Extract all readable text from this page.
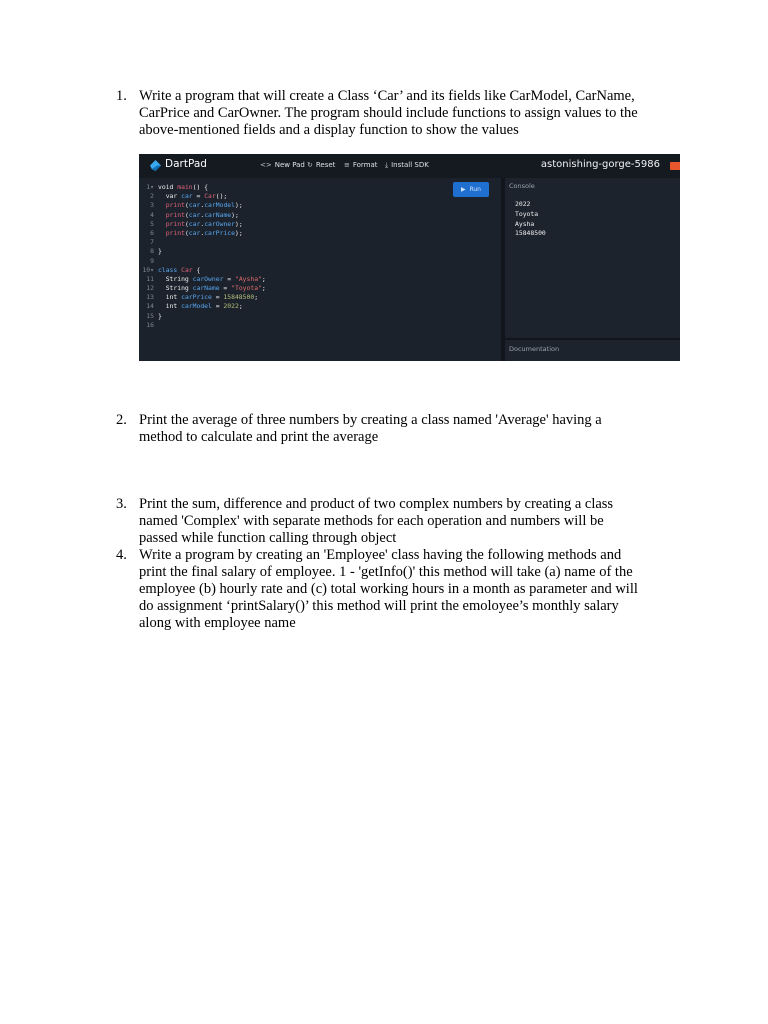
1. Write a program that will create a Class ‘Car’ and its fields like CarModel, CarName,
CarPrice and CarOwner. The program should include functions to assign values to the
above-mentioned fields and a display function to show the values
DartPad	<> New Pad ↻ Reset ≡ Format ⤓ Install SDK	astonishing-gorge-5986
▶ Run
1▾ void main() {
2 var car = Car();
3 print(car.carModel);
4 print(car.carName);
5 print(car.carOwner);
6 print(car.carPrice);
7
8 }
9
10▾ class Car {
11 String carOwner = "Aysha";
12 String carName = "Toyota";
13 int carPrice = 15848500;
14 int carModel = 2022;
15 }
16
Console
2022
Toyota
Aysha
15848500
Documentation
2. Print the average of three numbers by creating a class named 'Average' having a
method to calculate and print the average
3. Print the sum, difference and product of two complex numbers by creating a class
named 'Complex' with separate methods for each operation and numbers will be
passed while function calling through object
4. Write a program by creating an 'Employee' class having the following methods and
print the final salary of employee. 1 - 'getInfo()' this method will take (a) name of the
employee (b) hourly rate and (c) total working hours in a month as parameter and will
do assignment ‘printSalary()’ this method will print the emoloyee’s monthly salary
along with employee name
